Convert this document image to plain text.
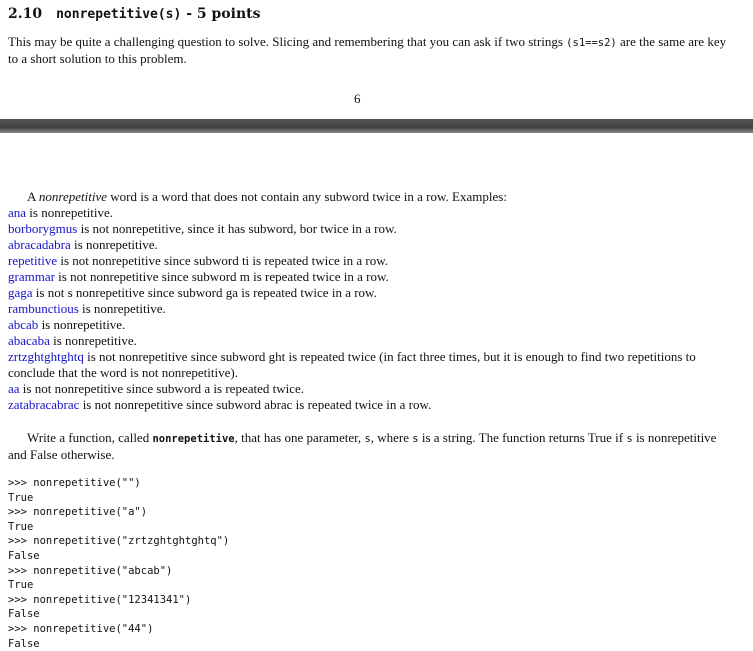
2.10 nonrepetitive(s) - 5 points
This may be quite a challenging question to solve. Slicing and remembering that you can ask if two strings (s1==s2) are the same are key to a short solution to this problem.
6
A nonrepetitive word is a word that does not contain any subword twice in a row. Examples:
ana is nonrepetitive.
borborygmus is not nonrepetitive, since it has subword, bor twice in a row.
abracadabra is nonrepetitive.
repetitive is not nonrepetitive since subword ti is repeated twice in a row.
grammar is not nonrepetitive since subword m is repeated twice in a row.
gaga is not s nonrepetitive since subword ga is repeated twice in a row.
rambunctious is nonrepetitive.
abcab is nonrepetitive.
abacaba is nonrepetitive.
zrtzghtghtghtq is not nonrepetitive since subword ght is repeated twice (in fact three times, but it is enough to find two repetitions to conclude that the word is not nonrepetitive).
aa is not nonrepetitive since subword a is repeated twice.
zatabracabrac is not nonrepetitive since subword abrac is repeated twice in a row.
Write a function, called nonrepetitive, that has one parameter, s, where s is a string. The function returns True if s is nonrepetitive and False otherwise.
>>> nonrepetitive("")
True
>>> nonrepetitive("a")
True
>>> nonrepetitive("zrtzghtghtghtq")
False
>>> nonrepetitive("abcab")
True
>>> nonrepetitive("12341341")
False
>>> nonrepetitive("44")
False
